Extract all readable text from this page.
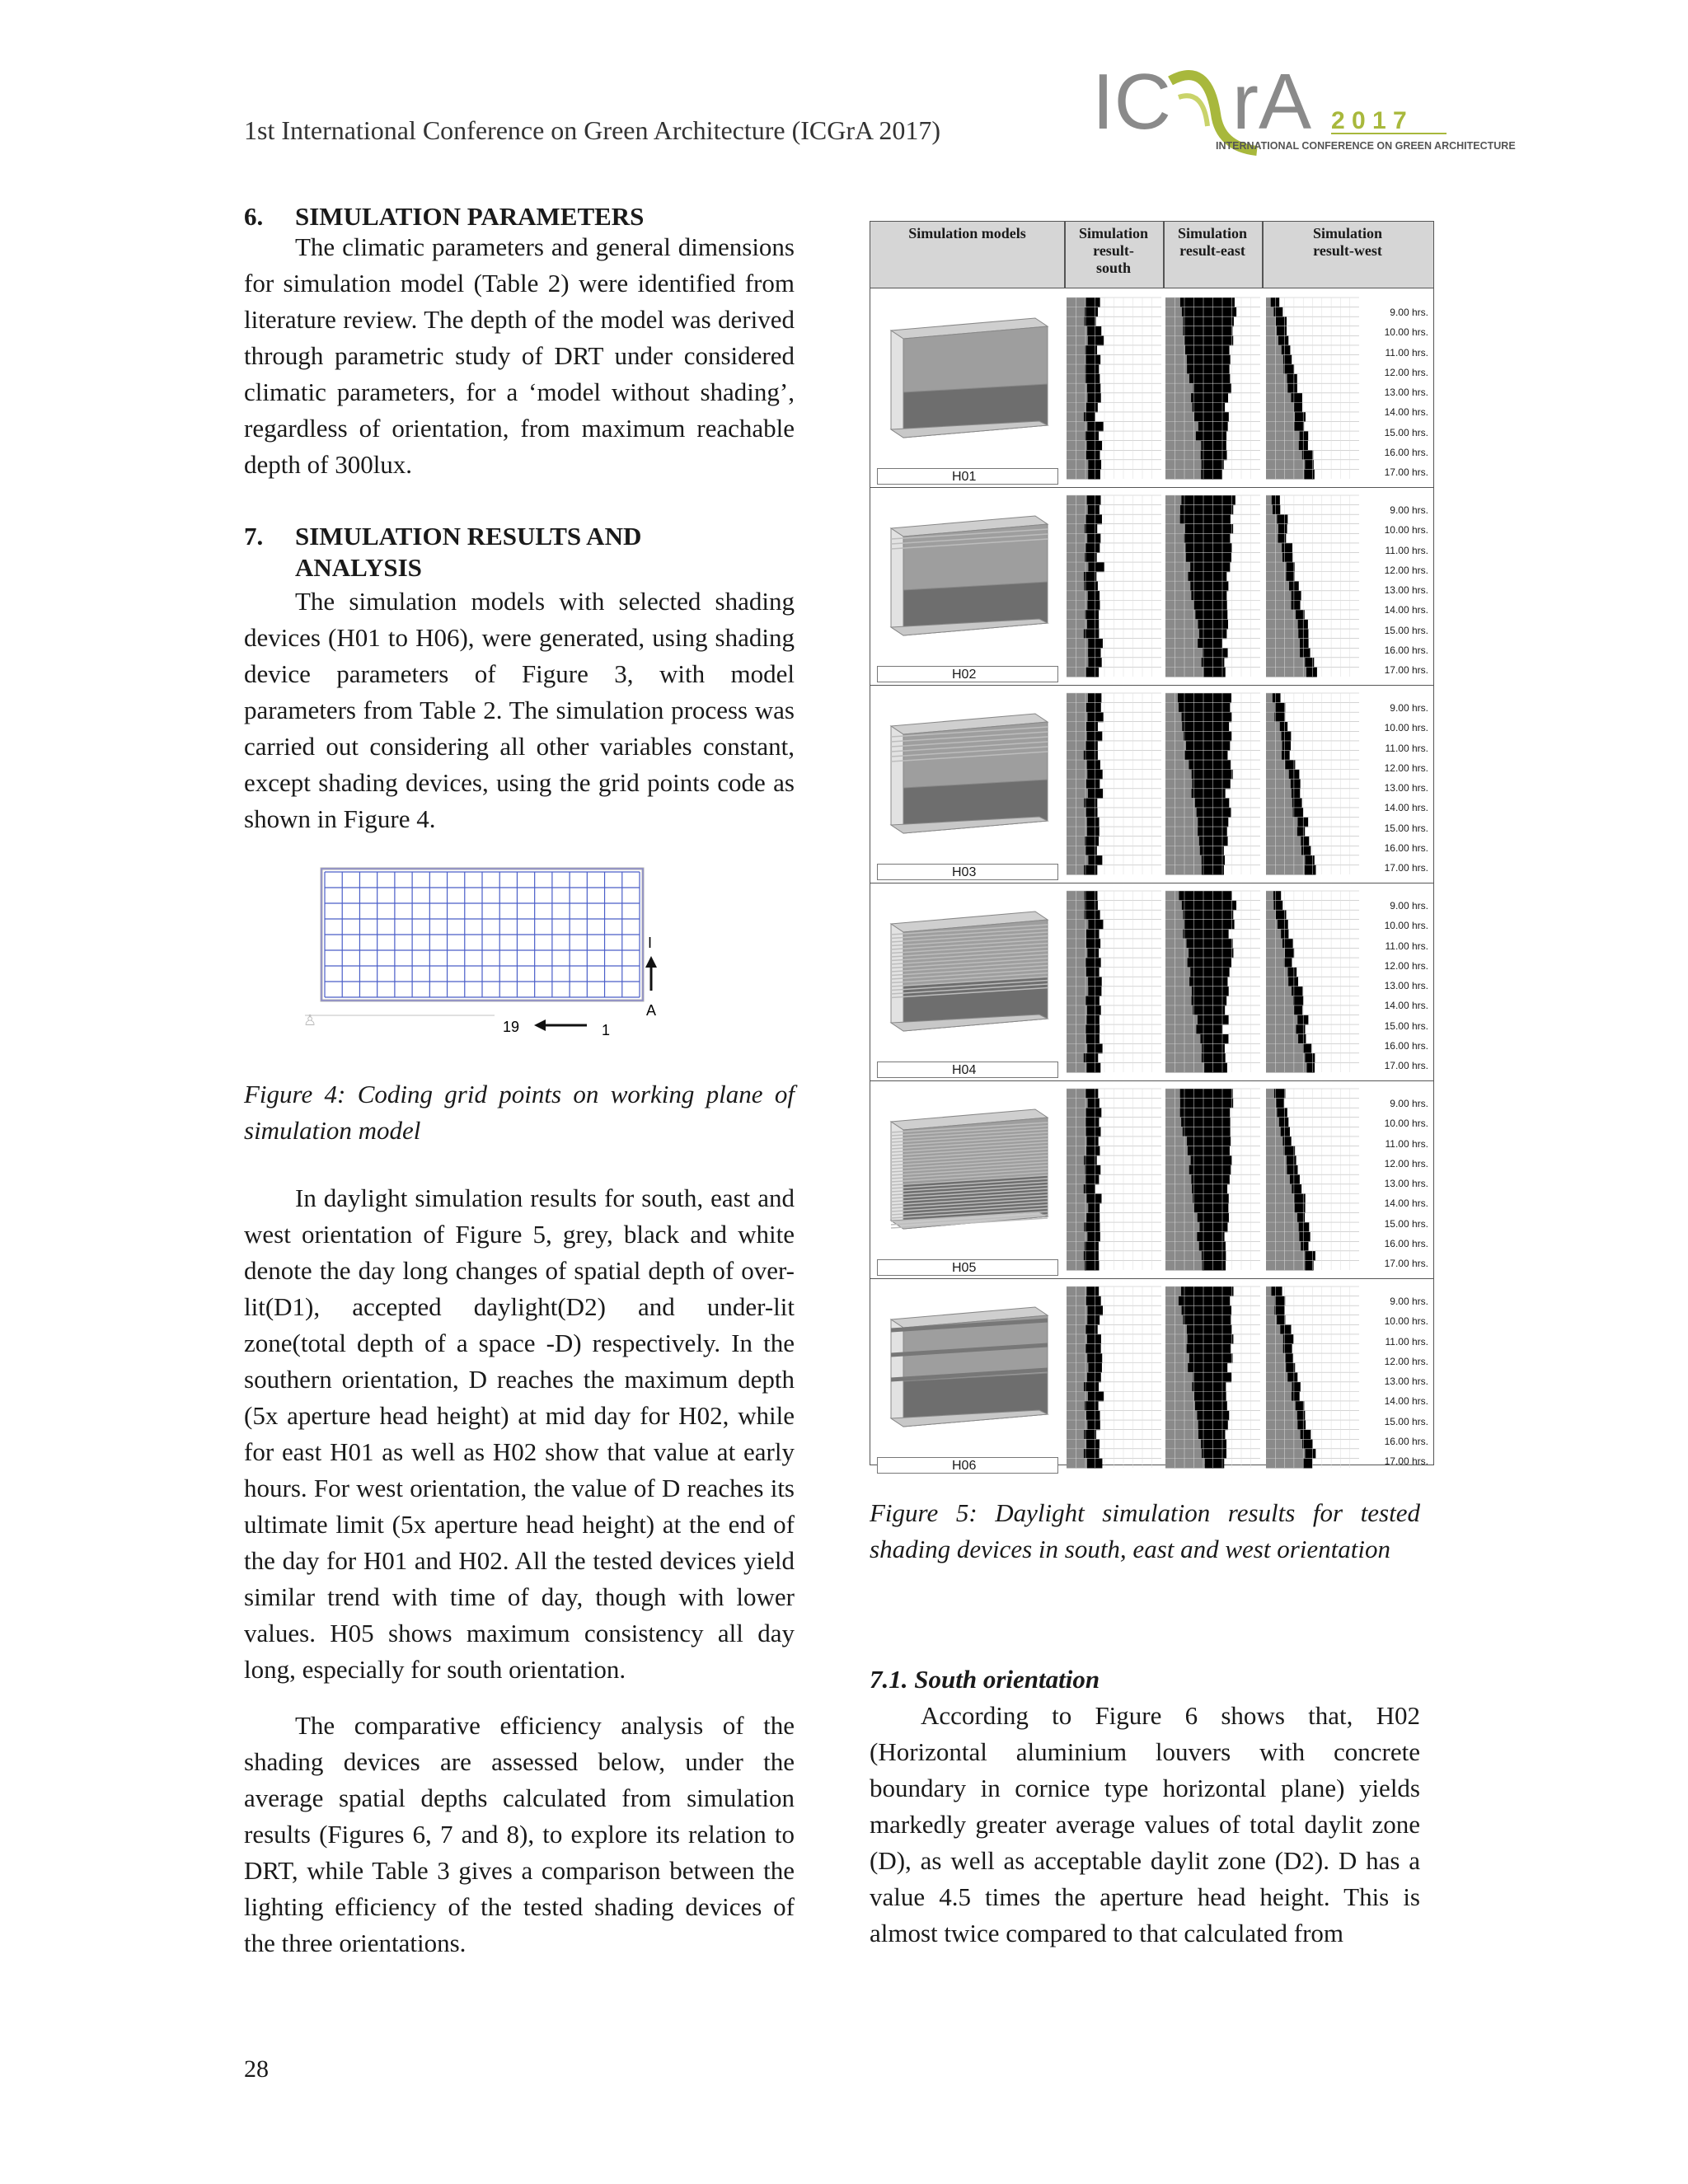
1st International Conference on Green Architecture (ICGrA 2017) IC rA 2 0 1 7
INTERNATIONAL CONFERENCE ON GREEN ARCHITECTURE
6. SIMULATION PARAMETERS

The climatic parameters and general dimensions for simulation model (Table 2) were identified from literature review. The depth of the model was derived through parametric study of DRT under considered climatic parameters, for a ‘model without shading’, regardless of orientation, from maximum reachable depth of 300lux.

7. SIMULATION RESULTS AND
ANALYSIS

The simulation models with selected shading devices (H01 to H06), were generated, using shading device parameters of Figure 3, with model parameters from Table 2. The simulation process was carried out considering all other variables constant, except shading devices, using the grid points code as shown in Figure 4.

♙
I
A
19	1

Figure 4: Coding grid points on working plane of simulation model

In daylight simulation results for south, east and west orientation of Figure 5, grey, black and white denote the day long changes of spatial depth of over-lit(D1), accepted daylight(D2) and under-lit zone(total depth of a space -D) respectively. In the southern orientation, D reaches the maximum depth (5x aperture head height) at mid day for H02, while for east H01 as well as H02 show that value at early hours. For west orientation, the value of D reaches its ultimate limit (5x aperture head height) at the end of the day for H01 and H02. All the tested devices yield similar trend with time of day, though with lower values. H05 shows maximum consistency all day long, especially for south orientation.

The comparative efficiency analysis of the shading devices are assessed below, under the average spatial depths calculated from simulation results (Figures 6, 7 and 8), to explore its relation to DRT, while Table 3 gives a comparison between the lighting efficiency of the tested shading devices of the three orientations.

Simulation models	Simulation
result-
south
Simulation
result-east
Simulation
result-west
H01
9.00 hrs.
10.00 hrs.
11.00 hrs.
12.00 hrs.
13.00 hrs.
14.00 hrs.
15.00 hrs.
16.00 hrs.
17.00 hrs.
H02
9.00 hrs.
10.00 hrs.
11.00 hrs.
12.00 hrs.
13.00 hrs.
14.00 hrs.
15.00 hrs.
16.00 hrs.
17.00 hrs.
H03
9.00 hrs.
10.00 hrs.
11.00 hrs.
12.00 hrs.
13.00 hrs.
14.00 hrs.
15.00 hrs.
16.00 hrs.
17.00 hrs.
H04
9.00 hrs.
10.00 hrs.
11.00 hrs.
12.00 hrs.
13.00 hrs.
14.00 hrs.
15.00 hrs.
16.00 hrs.
17.00 hrs.
H05
9.00 hrs.
10.00 hrs.
11.00 hrs.
12.00 hrs.
13.00 hrs.
14.00 hrs.
15.00 hrs.
16.00 hrs.
17.00 hrs.
H06
9.00 hrs.
10.00 hrs.
11.00 hrs.
12.00 hrs.
13.00 hrs.
14.00 hrs.
15.00 hrs.
16.00 hrs.
17.00 hrs.

Figure 5: Daylight simulation results for tested shading devices in south, east and west orientation

7.1. South orientation

According to Figure 6 shows that, H02 (Horizontal aluminium louvers with concrete boundary in cornice type horizontal plane) yields markedly greater average values of total daylit zone (D), as well as acceptable daylit zone (D2). D has a value 4.5 times the aperture head height. This is almost twice compared to that calculated from

28
